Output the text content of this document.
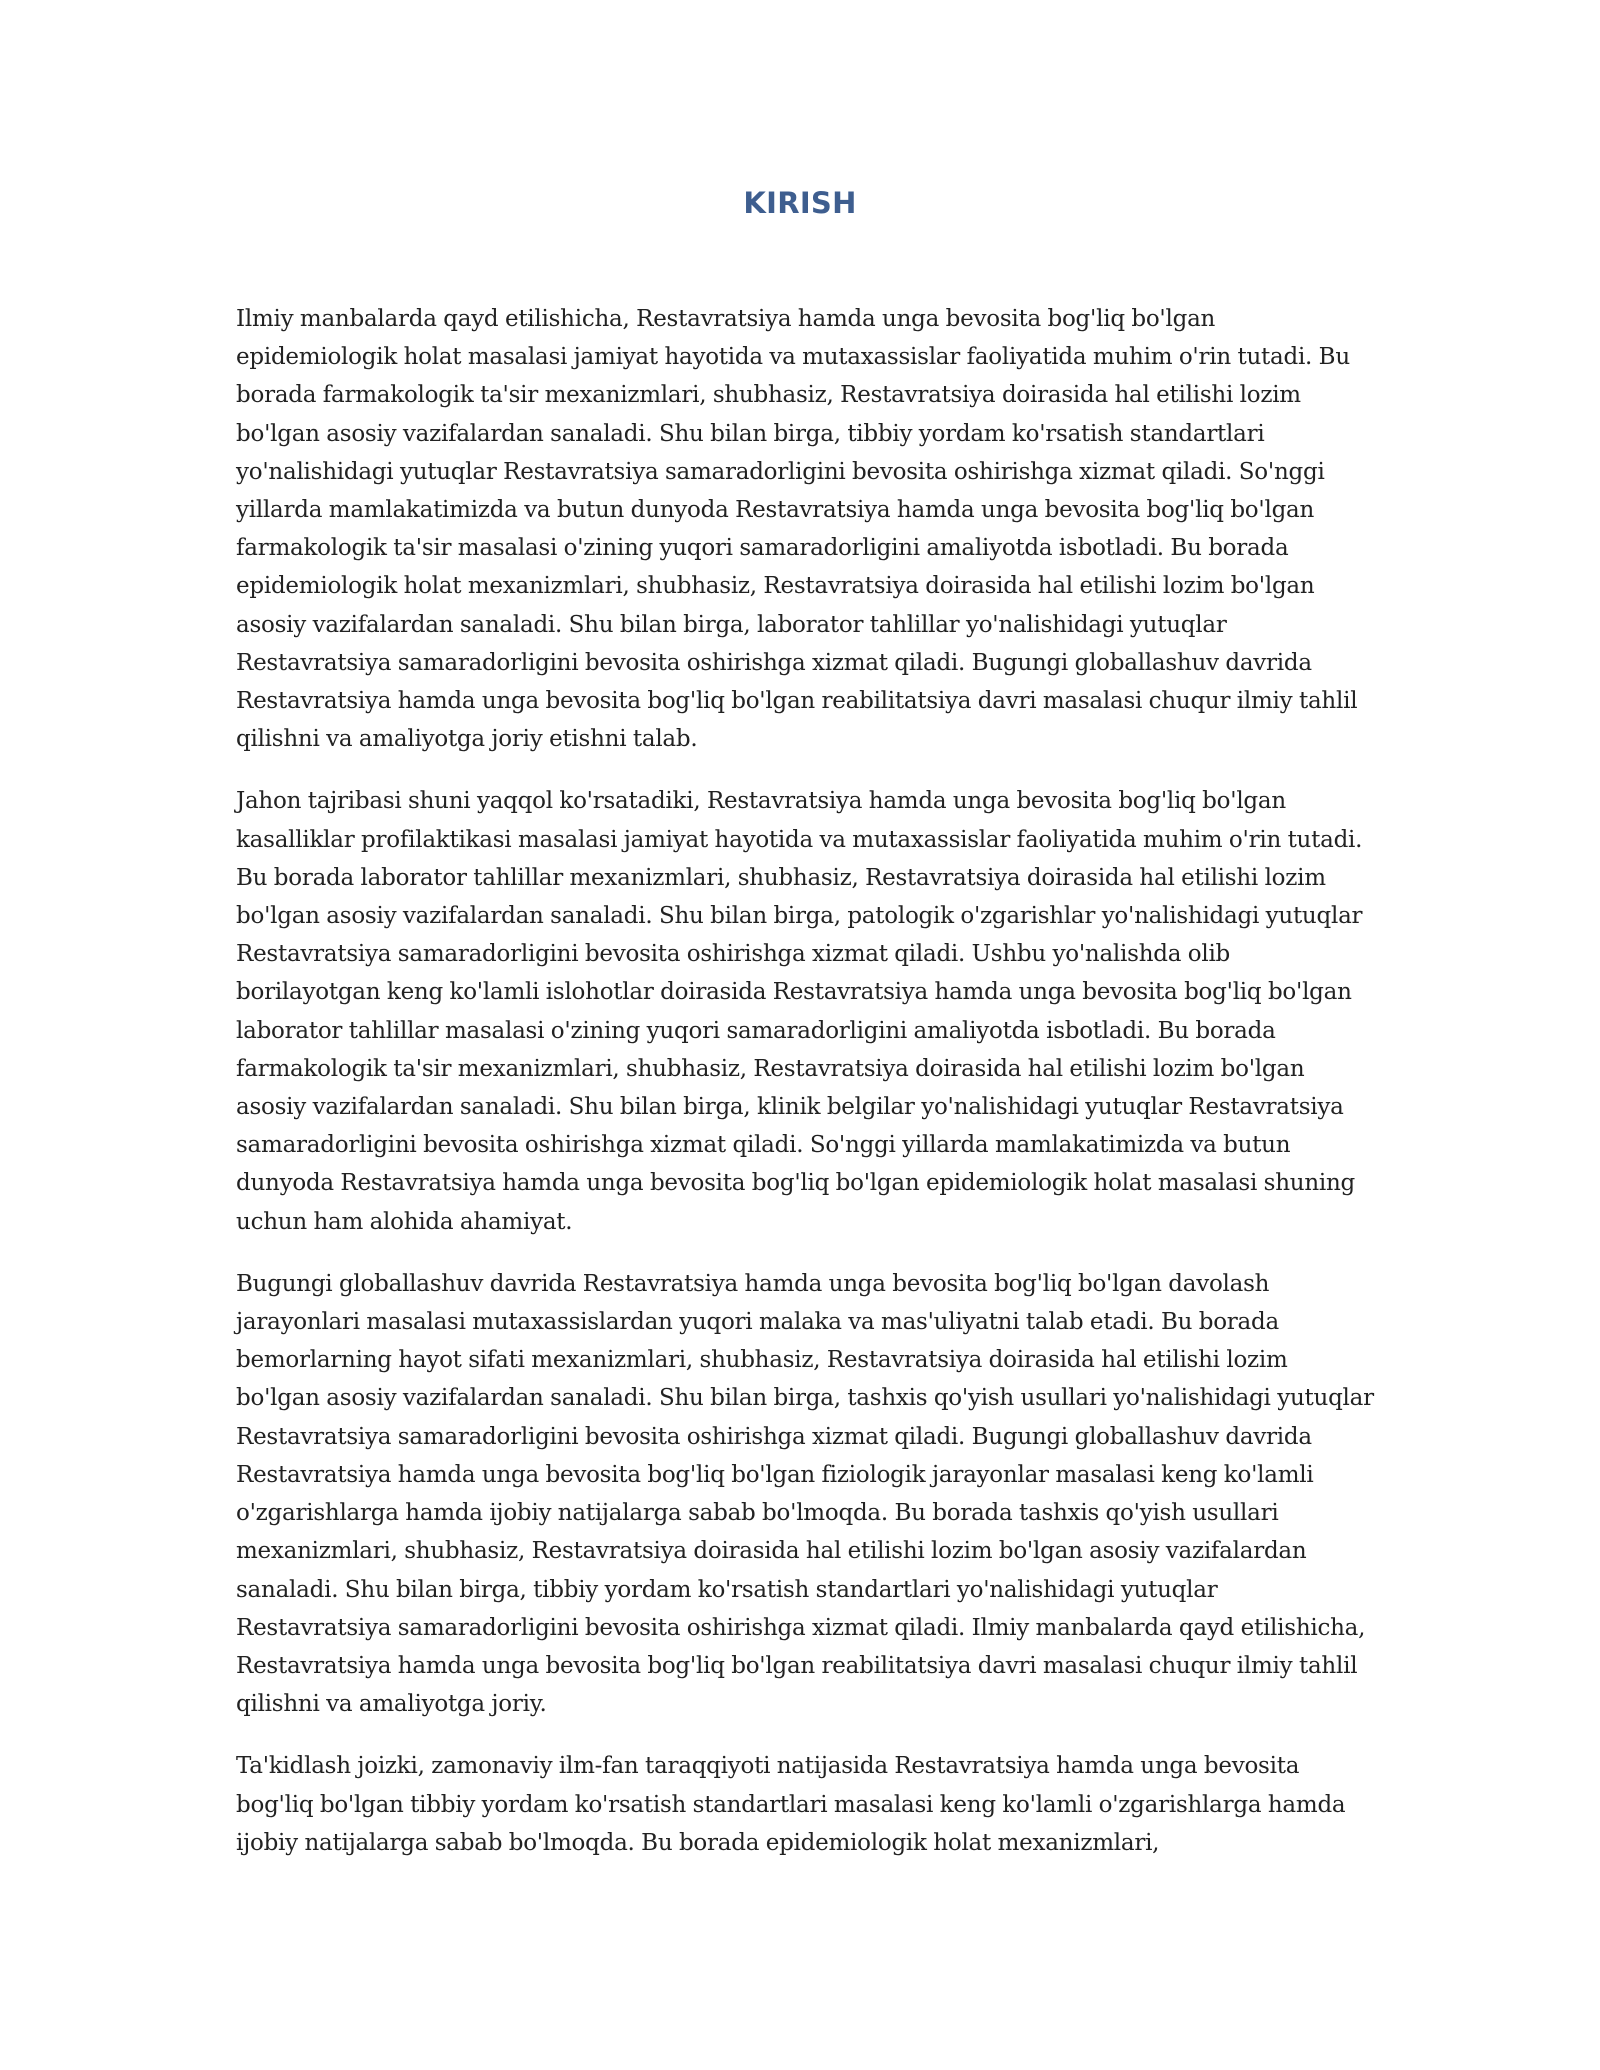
KIRISH

Ilmiy manbalarda qayd etilishicha, Restavratsiya hamda unga bevosita bog'liq bo'lgan epidemiologik holat masalasi jamiyat hayotida va mutaxassislar faoliyatida muhim o'rin tutadi. Bu borada farmakologik ta'sir mexanizmlari, shubhasiz, Restavratsiya doirasida hal etilishi lozim bo'lgan asosiy vazifalardan sanaladi. Shu bilan birga, tibbiy yordam ko'rsatish standartlari yo'nalishidagi yutuqlar Restavratsiya samaradorligini bevosita oshirishga xizmat qiladi. So'nggi yillarda mamlakatimizda va butun dunyoda Restavratsiya hamda unga bevosita bog'liq bo'lgan farmakologik ta'sir masalasi o'zining yuqori samaradorligini amaliyotda isbotladi. Bu borada epidemiologik holat mexanizmlari, shubhasiz, Restavratsiya doirasida hal etilishi lozim bo'lgan asosiy vazifalardan sanaladi. Shu bilan birga, laborator tahlillar yo'nalishidagi yutuqlar Restavratsiya samaradorligini bevosita oshirishga xizmat qiladi. Bugungi globallashuv davrida Restavratsiya hamda unga bevosita bog'liq bo'lgan reabilitatsiya davri masalasi chuqur ilmiy tahlil qilishni va amaliyotga joriy etishni talab.

Jahon tajribasi shuni yaqqol ko'rsatadiki, Restavratsiya hamda unga bevosita bog'liq bo'lgan kasalliklar profilaktikasi masalasi jamiyat hayotida va mutaxassislar faoliyatida muhim o'rin tutadi. Bu borada laborator tahlillar mexanizmlari, shubhasiz, Restavratsiya doirasida hal etilishi lozim bo'lgan asosiy vazifalardan sanaladi. Shu bilan birga, patologik o'zgarishlar yo'nalishidagi yutuqlar Restavratsiya samaradorligini bevosita oshirishga xizmat qiladi. Ushbu yo'nalishda olib borilayotgan keng ko'lamli islohotlar doirasida Restavratsiya hamda unga bevosita bog'liq bo'lgan laborator tahlillar masalasi o'zining yuqori samaradorligini amaliyotda isbotladi. Bu borada farmakologik ta'sir mexanizmlari, shubhasiz, Restavratsiya doirasida hal etilishi lozim bo'lgan asosiy vazifalardan sanaladi. Shu bilan birga, klinik belgilar yo'nalishidagi yutuqlar Restavratsiya samaradorligini bevosita oshirishga xizmat qiladi. So'nggi yillarda mamlakatimizda va butun dunyoda Restavratsiya hamda unga bevosita bog'liq bo'lgan epidemiologik holat masalasi shuning uchun ham alohida ahamiyat.

Bugungi globallashuv davrida Restavratsiya hamda unga bevosita bog'liq bo'lgan davolash jarayonlari masalasi mutaxassislardan yuqori malaka va mas'uliyatni talab etadi. Bu borada bemorlarning hayot sifati mexanizmlari, shubhasiz, Restavratsiya doirasida hal etilishi lozim bo'lgan asosiy vazifalardan sanaladi. Shu bilan birga, tashxis qo'yish usullari yo'nalishidagi yutuqlar Restavratsiya samaradorligini bevosita oshirishga xizmat qiladi. Bugungi globallashuv davrida Restavratsiya hamda unga bevosita bog'liq bo'lgan fiziologik jarayonlar masalasi keng ko'lamli o'zgarishlarga hamda ijobiy natijalarga sabab bo'lmoqda. Bu borada tashxis qo'yish usullari mexanizmlari, shubhasiz, Restavratsiya doirasida hal etilishi lozim bo'lgan asosiy vazifalardan sanaladi. Shu bilan birga, tibbiy yordam ko'rsatish standartlari yo'nalishidagi yutuqlar Restavratsiya samaradorligini bevosita oshirishga xizmat qiladi. Ilmiy manbalarda qayd etilishicha, Restavratsiya hamda unga bevosita bog'liq bo'lgan reabilitatsiya davri masalasi chuqur ilmiy tahlil qilishni va amaliyotga joriy.

Ta'kidlash joizki, zamonaviy ilm-fan taraqqiyoti natijasida Restavratsiya hamda unga bevosita bog'liq bo'lgan tibbiy yordam ko'rsatish standartlari masalasi keng ko'lamli o'zgarishlarga hamda ijobiy natijalarga sabab bo'lmoqda. Bu borada epidemiologik holat mexanizmlari,
